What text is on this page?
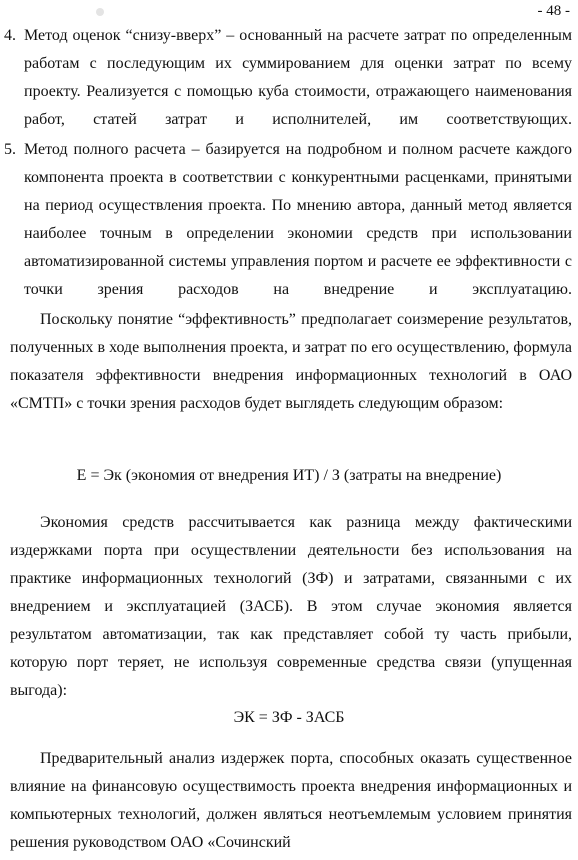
- 48 -
4. Метод оценок “снизу-вверх” – основанный на расчете затрат по определенным работам с последующим их суммированием для оценки затрат по всему проекту. Реализуется с помощью куба стоимости, отражающего наименования работ, статей затрат и исполнителей, им соответствующих.
5. Метод полного расчета – базируется на подробном и полном расчете каждого компонента проекта в соответствии с конкурентными расценками, принятыми на период осуществления проекта. По мнению автора, данный метод является наиболее точным в определении экономии средств при использовании автоматизированной системы управления портом и расчете ее эффективности с точки зрения расходов на внедрение и эксплуатацию.
Поскольку понятие “эффективность” предполагает соизмерение результатов, полученных в ходе выполнения проекта, и затрат по его осуществлению, формула показателя эффективности внедрения информационных технологий в ОАО «СМТП» с точки зрения расходов будет выглядеть следующим образом:
E = Эк (экономия от внедрения ИТ) / З (затраты на внедрение)
Экономия средств рассчитывается как разница между фактическими издержками порта при осуществлении деятельности без использования на практике информационных технологий (ЗФ) и затратами, связанными с их внедрением и эксплуатацией (ЗАСБ). В этом случае экономия является результатом автоматизации, так как представляет собой ту часть прибыли, которую порт теряет, не используя современные средства связи (упущенная выгода):
ЭК = ЗФ - ЗАСБ
Предварительный анализ издержек порта, способных оказать существенное влияние на финансовую осуществимость проекта внедрения информационных и компьютерных технологий, должен являться неотъемлемым условием принятия решения руководством ОАО «Сочинский
